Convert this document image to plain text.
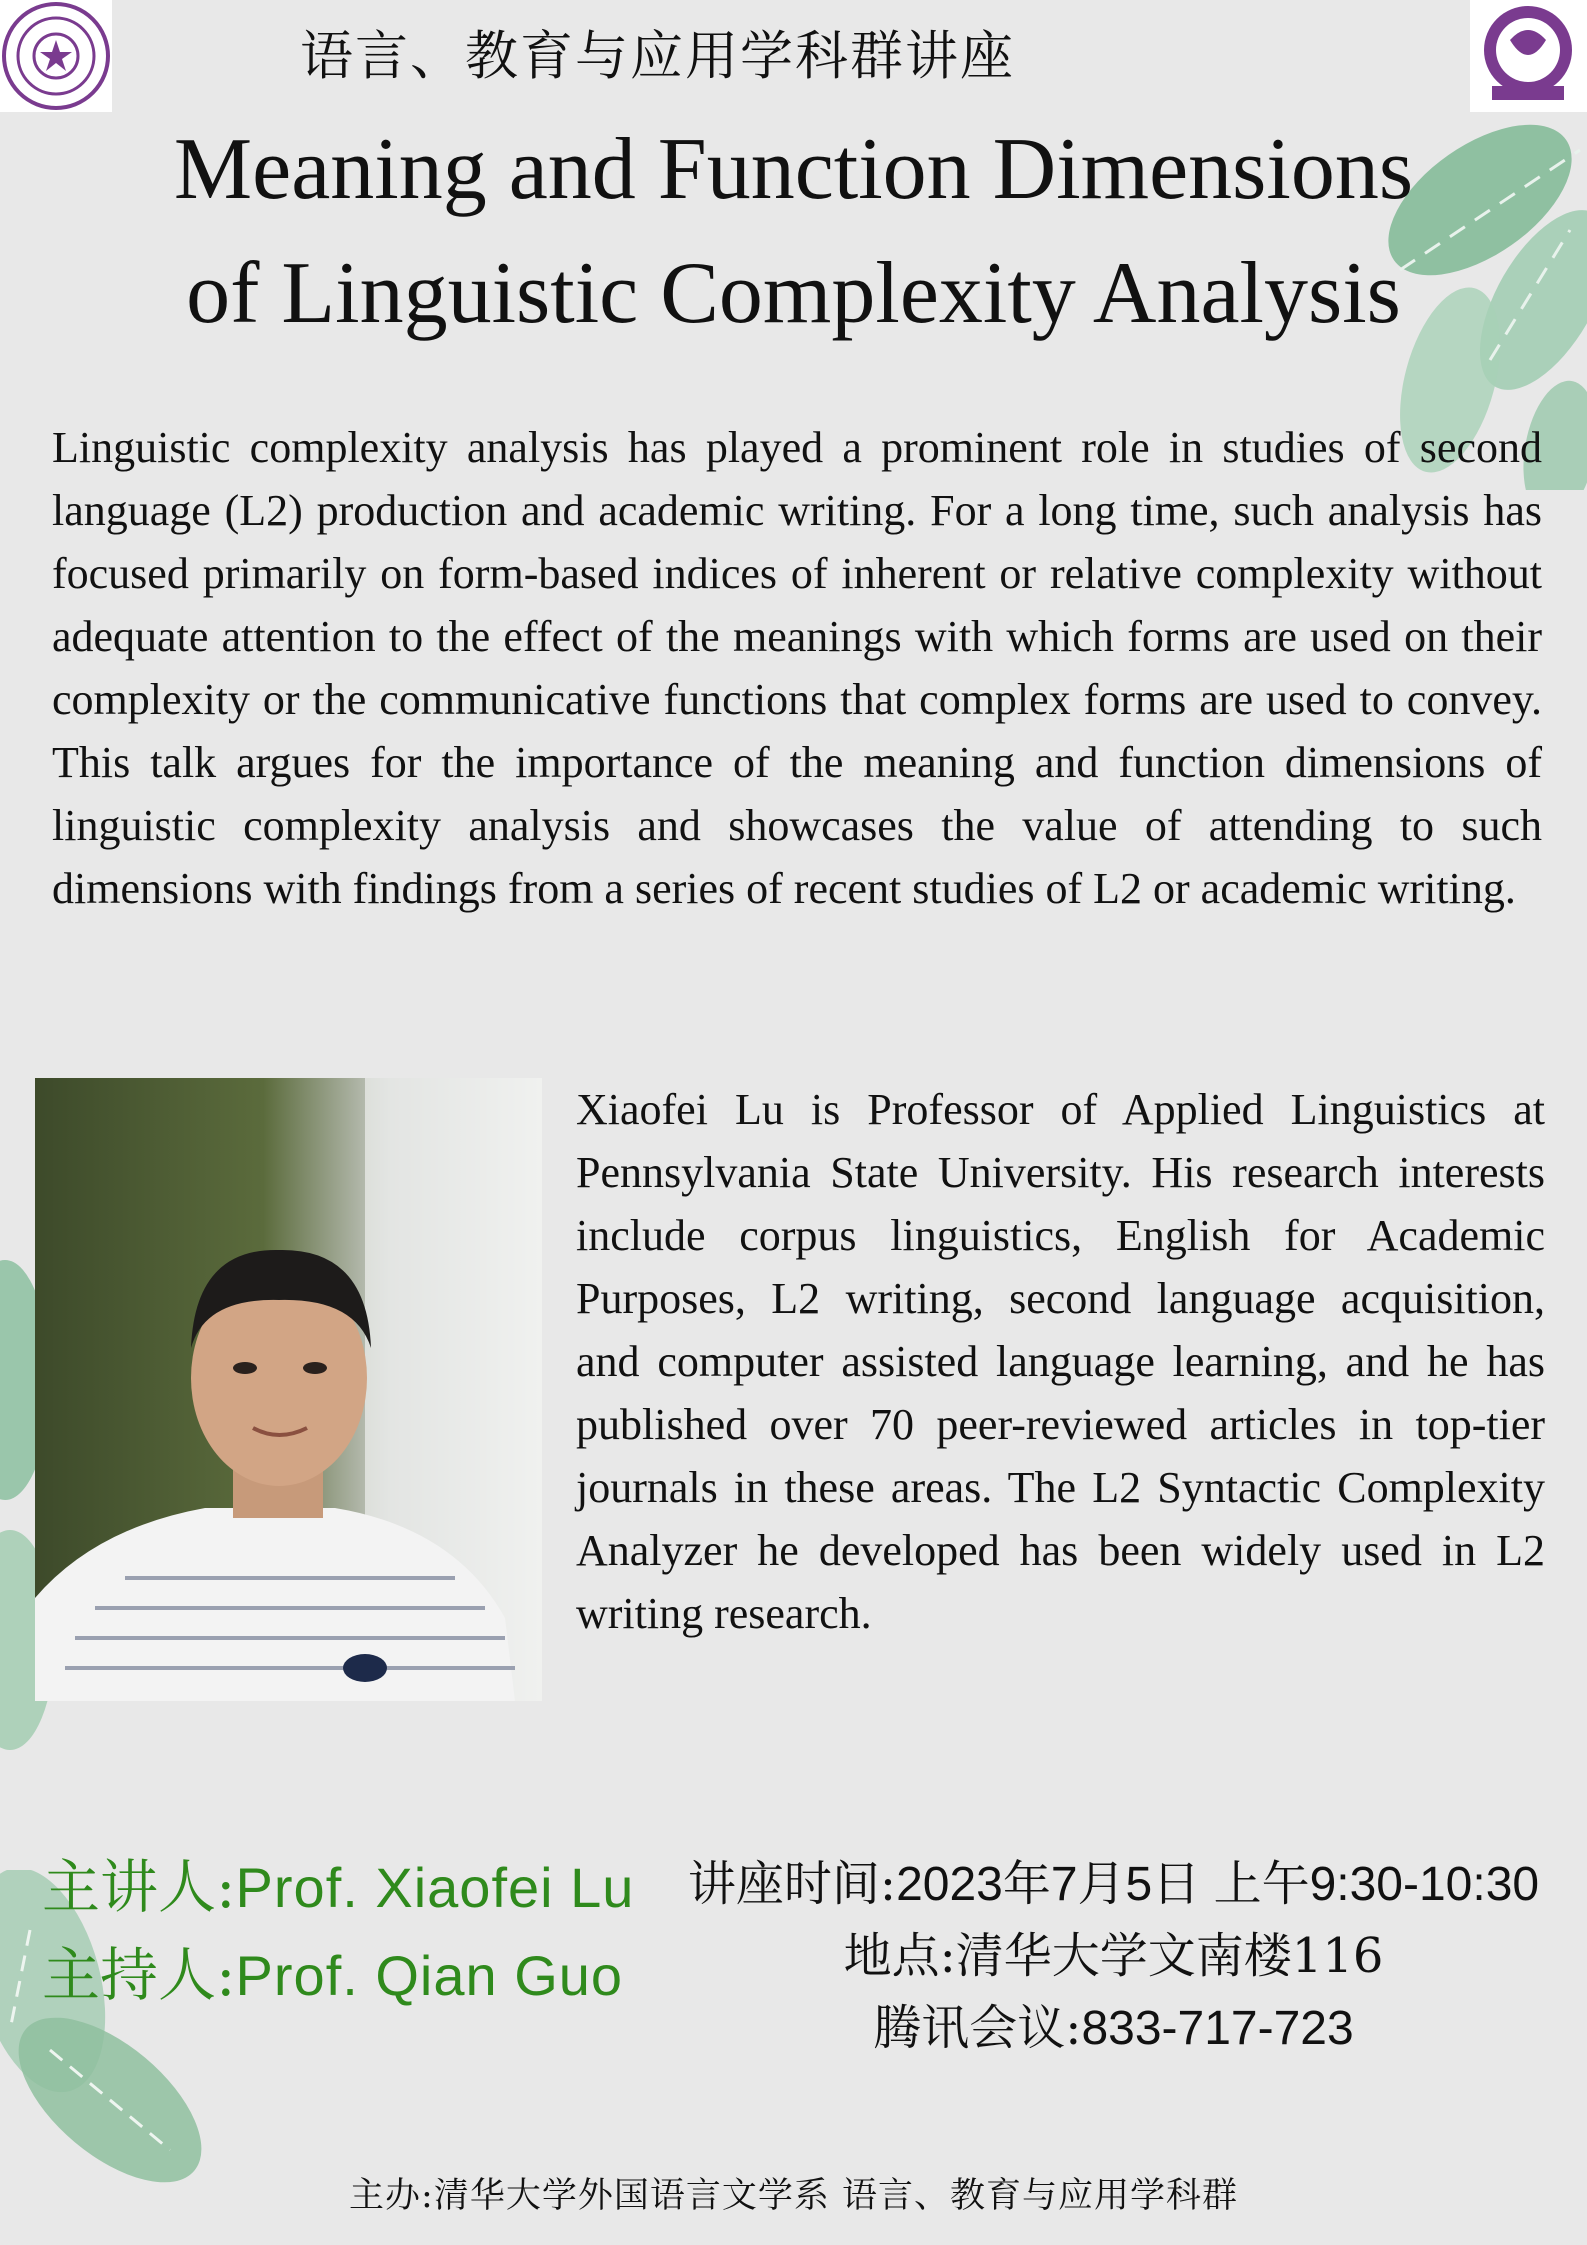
语言、教育与应用学科群讲座
Meaning and Function Dimensions
of Linguistic Complexity Analysis
Linguistic complexity analysis has played a prominent role in studies of second language (L2) production and academic writing. For a long time, such analysis has focused primarily on form-based indices of inherent or relative complexity without adequate attention to the effect of the meanings with which forms are used on their complexity or the communicative functions that complex forms are used to convey. This talk argues for the importance of the meaning and function dimensions of linguistic complexity analysis and showcases the value of attending to such dimensions with findings from a series of recent studies of L2 or academic writing.
Xiaofei Lu is Professor of Applied Linguistics at Pennsylvania State University. His research interests include corpus linguistics, English for Academic Purposes, L2 writing, second language acquisition, and computer assisted language learning, and he has published over 70 peer-reviewed articles in top-tier journals in these areas. The L2 Syntactic Complexity Analyzer he developed has been widely used in L2 writing research.
主讲人:Prof. Xiaofei Lu
主持人:Prof. Qian Guo
讲座时间:2023年7月5日 上午9:30-10:30
地点:清华大学文南楼116
腾讯会议:833-717-723
主办:清华大学外国语言文学系 语言、教育与应用学科群
